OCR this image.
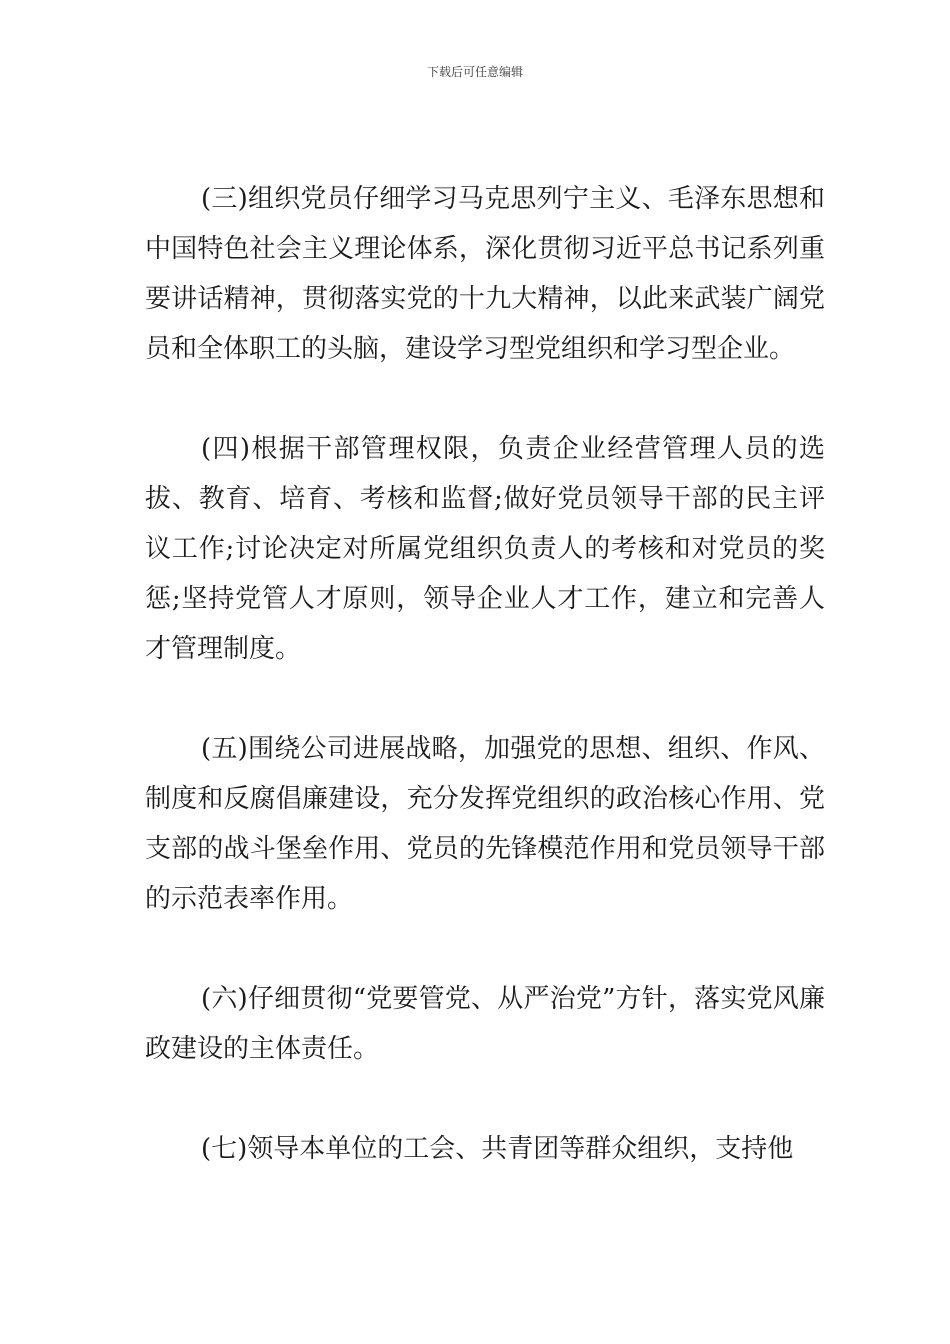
下载后可任意编辑

(三)组织党员仔细学习马克思列宁主义、毛泽东思想和中国特色社会主义理论体系，深化贯彻习近平总书记系列重要讲话精神，贯彻落实党的十九大精神，以此来武装广阔党员和全体职工的头脑，建设学习型党组织和学习型企业。

(四)根据干部管理权限，负责企业经营管理人员的选拔、教育、培育、考核和监督;做好党员领导干部的民主评议工作;讨论决定对所属党组织负责人的考核和对党员的奖惩;坚持党管人才原则，领导企业人才工作，建立和完善人才管理制度。

(五)围绕公司进展战略，加强党的思想、组织、作风、制度和反腐倡廉建设，充分发挥党组织的政治核心作用、党支部的战斗堡垒作用、党员的先锋模范作用和党员领导干部的示范表率作用。

(六)仔细贯彻“党要管党、从严治党”方针，落实党风廉政建设的主体责任。

(七)领导本单位的工会、共青团等群众组织，支持他
